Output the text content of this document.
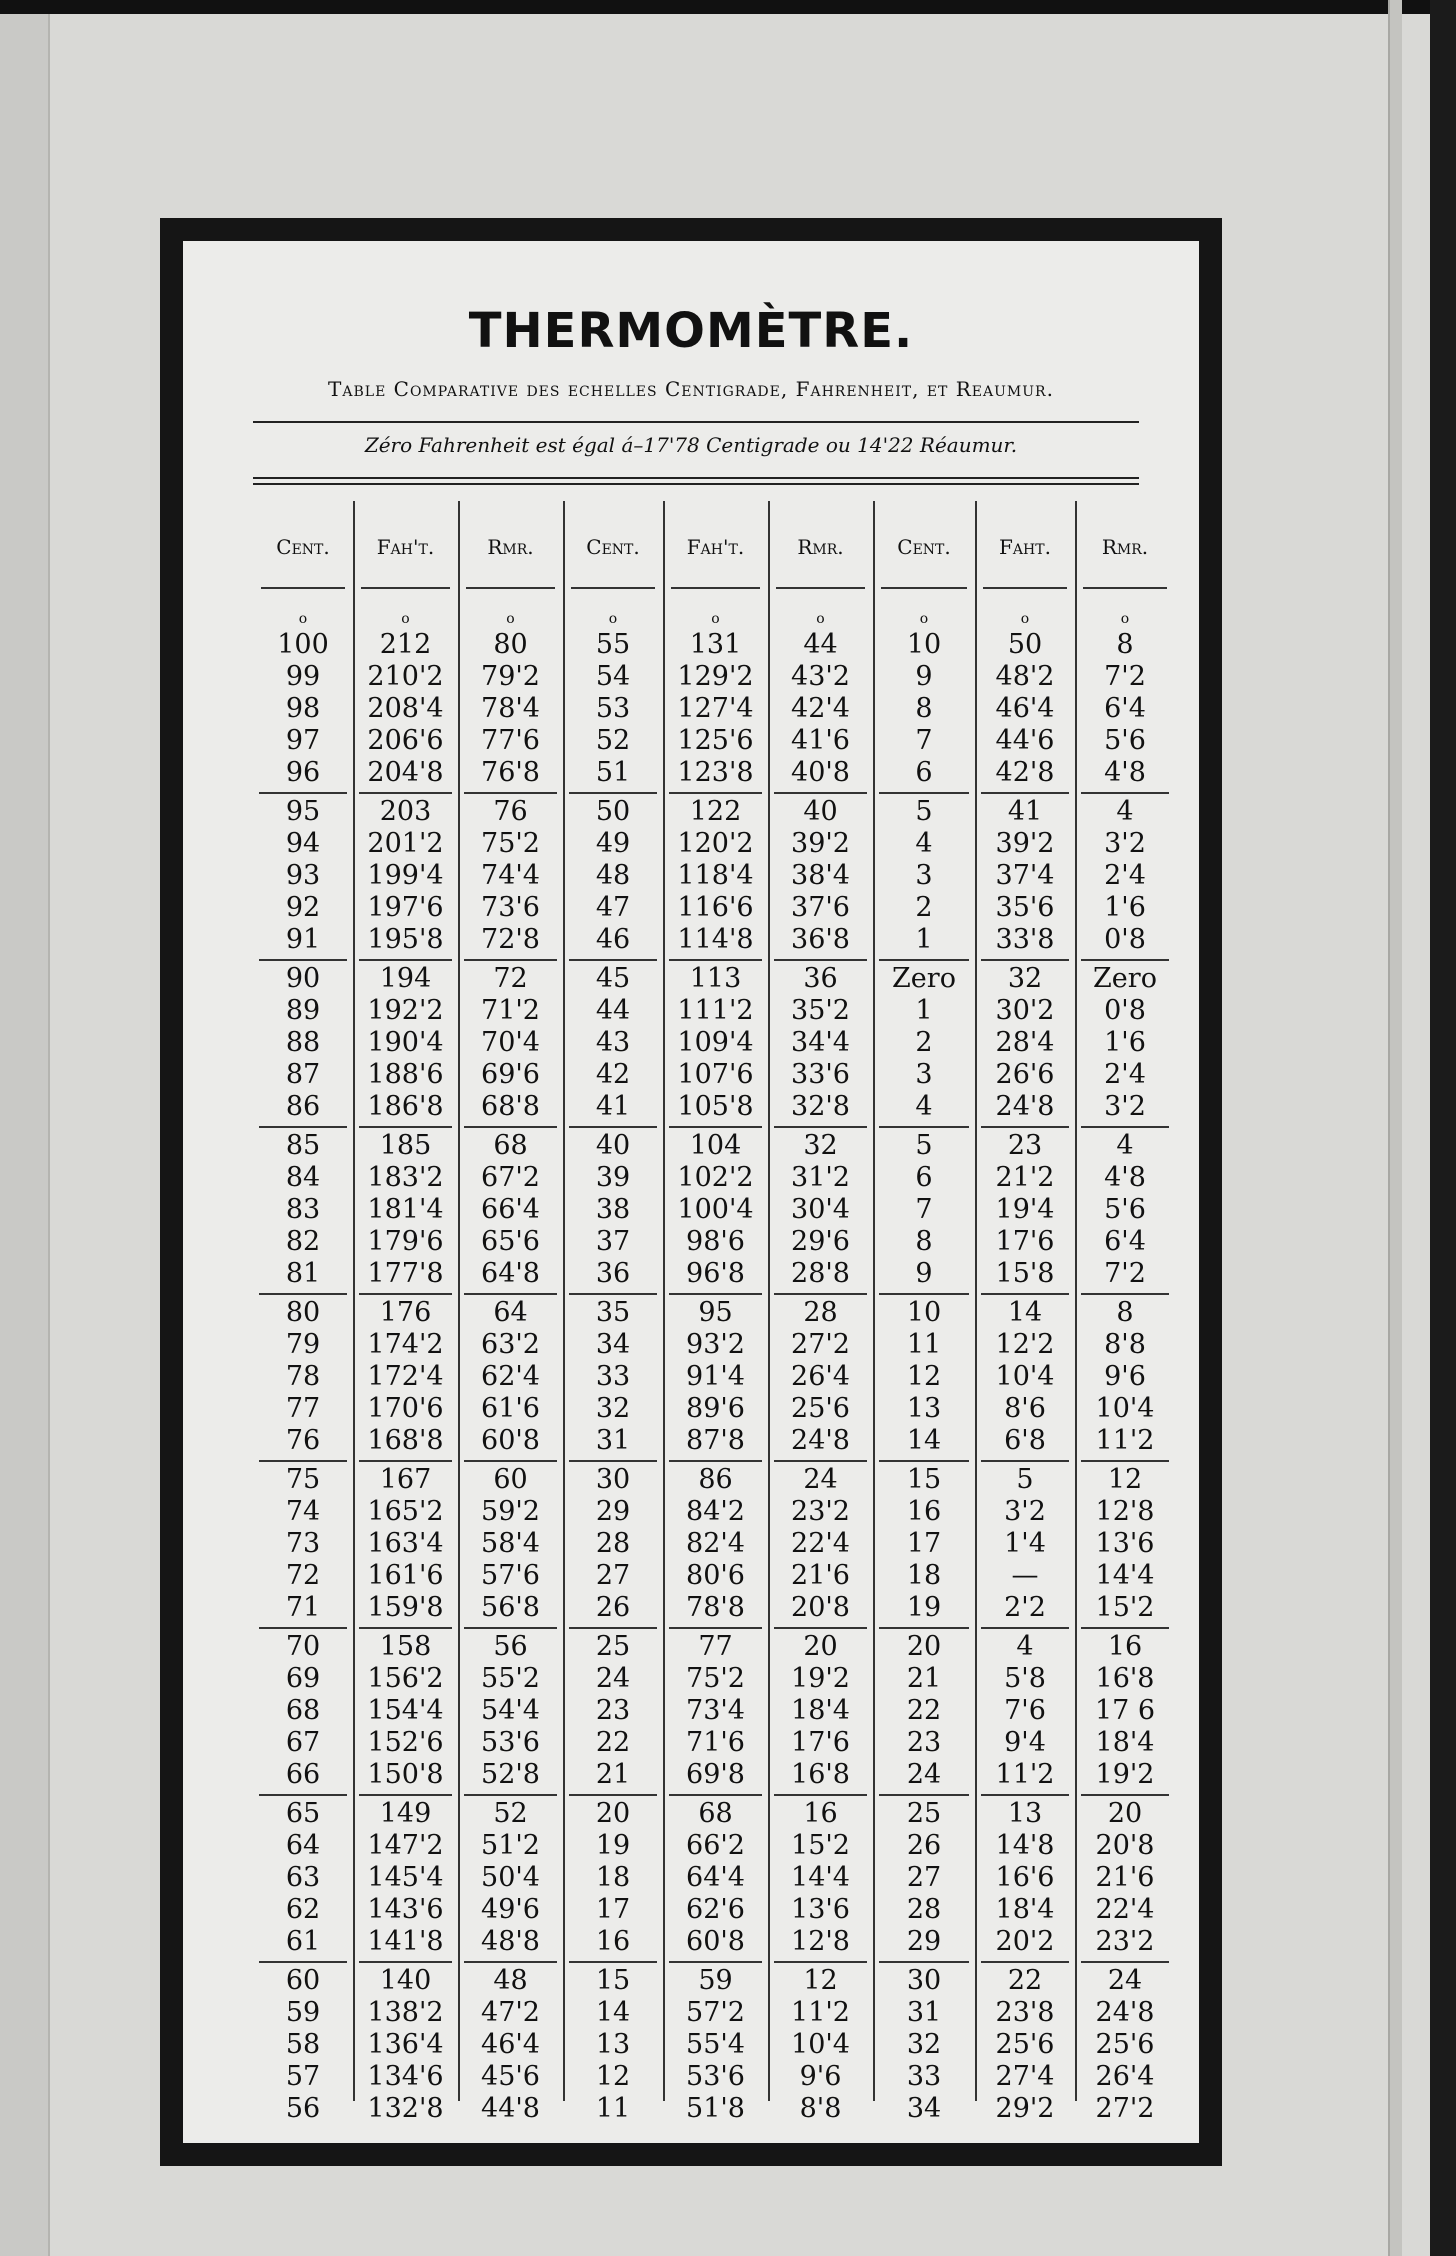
THERMOMÈTRE.
Table Comparative des echelles Centigrade, Fahrenheit, et Reaumur.
Zéro Fahrenheit est égal á–17'78 Centigrade ou 14'22 Réaumur.
Cent.
o
Fah't.
o
Rmr.
o
Cent.
o
Fah't.
o
Rmr.
o
Cent.
o
Faht.
o
Rmr.
o
100
99
98
97
96
95
94
93
92
91
90
89
88
87
86
85
84
83
82
81
80
79
78
77
76
75
74
73
72
71
70
69
68
67
66
65
64
63
62
61
60
59
58
57
56
212
210'2
208'4
206'6
204'8
203
201'2
199'4
197'6
195'8
194
192'2
190'4
188'6
186'8
185
183'2
181'4
179'6
177'8
176
174'2
172'4
170'6
168'8
167
165'2
163'4
161'6
159'8
158
156'2
154'4
152'6
150'8
149
147'2
145'4
143'6
141'8
140
138'2
136'4
134'6
132'8
80
79'2
78'4
77'6
76'8
76
75'2
74'4
73'6
72'8
72
71'2
70'4
69'6
68'8
68
67'2
66'4
65'6
64'8
64
63'2
62'4
61'6
60'8
60
59'2
58'4
57'6
56'8
56
55'2
54'4
53'6
52'8
52
51'2
50'4
49'6
48'8
48
47'2
46'4
45'6
44'8
55
54
53
52
51
50
49
48
47
46
45
44
43
42
41
40
39
38
37
36
35
34
33
32
31
30
29
28
27
26
25
24
23
22
21
20
19
18
17
16
15
14
13
12
11
131
129'2
127'4
125'6
123'8
122
120'2
118'4
116'6
114'8
113
111'2
109'4
107'6
105'8
104
102'2
100'4
98'6
96'8
95
93'2
91'4
89'6
87'8
86
84'2
82'4
80'6
78'8
77
75'2
73'4
71'6
69'8
68
66'2
64'4
62'6
60'8
59
57'2
55'4
53'6
51'8
44
43'2
42'4
41'6
40'8
40
39'2
38'4
37'6
36'8
36
35'2
34'4
33'6
32'8
32
31'2
30'4
29'6
28'8
28
27'2
26'4
25'6
24'8
24
23'2
22'4
21'6
20'8
20
19'2
18'4
17'6
16'8
16
15'2
14'4
13'6
12'8
12
11'2
10'4
9'6
8'8
10
9
8
7
6
5
4
3
2
1
Zero
1
2
3
4
5
6
7
8
9
10
11
12
13
14
15
16
17
18
19
20
21
22
23
24
25
26
27
28
29
30
31
32
33
34
50
48'2
46'4
44'6
42'8
41
39'2
37'4
35'6
33'8
32
30'2
28'4
26'6
24'8
23
21'2
19'4
17'6
15'8
14
12'2
10'4
8'6
6'8
5
3'2
1'4
—
2'2
4
5'8
7'6
9'4
11'2
13
14'8
16'6
18'4
20'2
22
23'8
25'6
27'4
29'2
8
7'2
6'4
5'6
4'8
4
3'2
2'4
1'6
0'8
Zero
0'8
1'6
2'4
3'2
4
4'8
5'6
6'4
7'2
8
8'8
9'6
10'4
11'2
12
12'8
13'6
14'4
15'2
16
16'8
17 6
18'4
19'2
20
20'8
21'6
22'4
23'2
24
24'8
25'6
26'4
27'2
